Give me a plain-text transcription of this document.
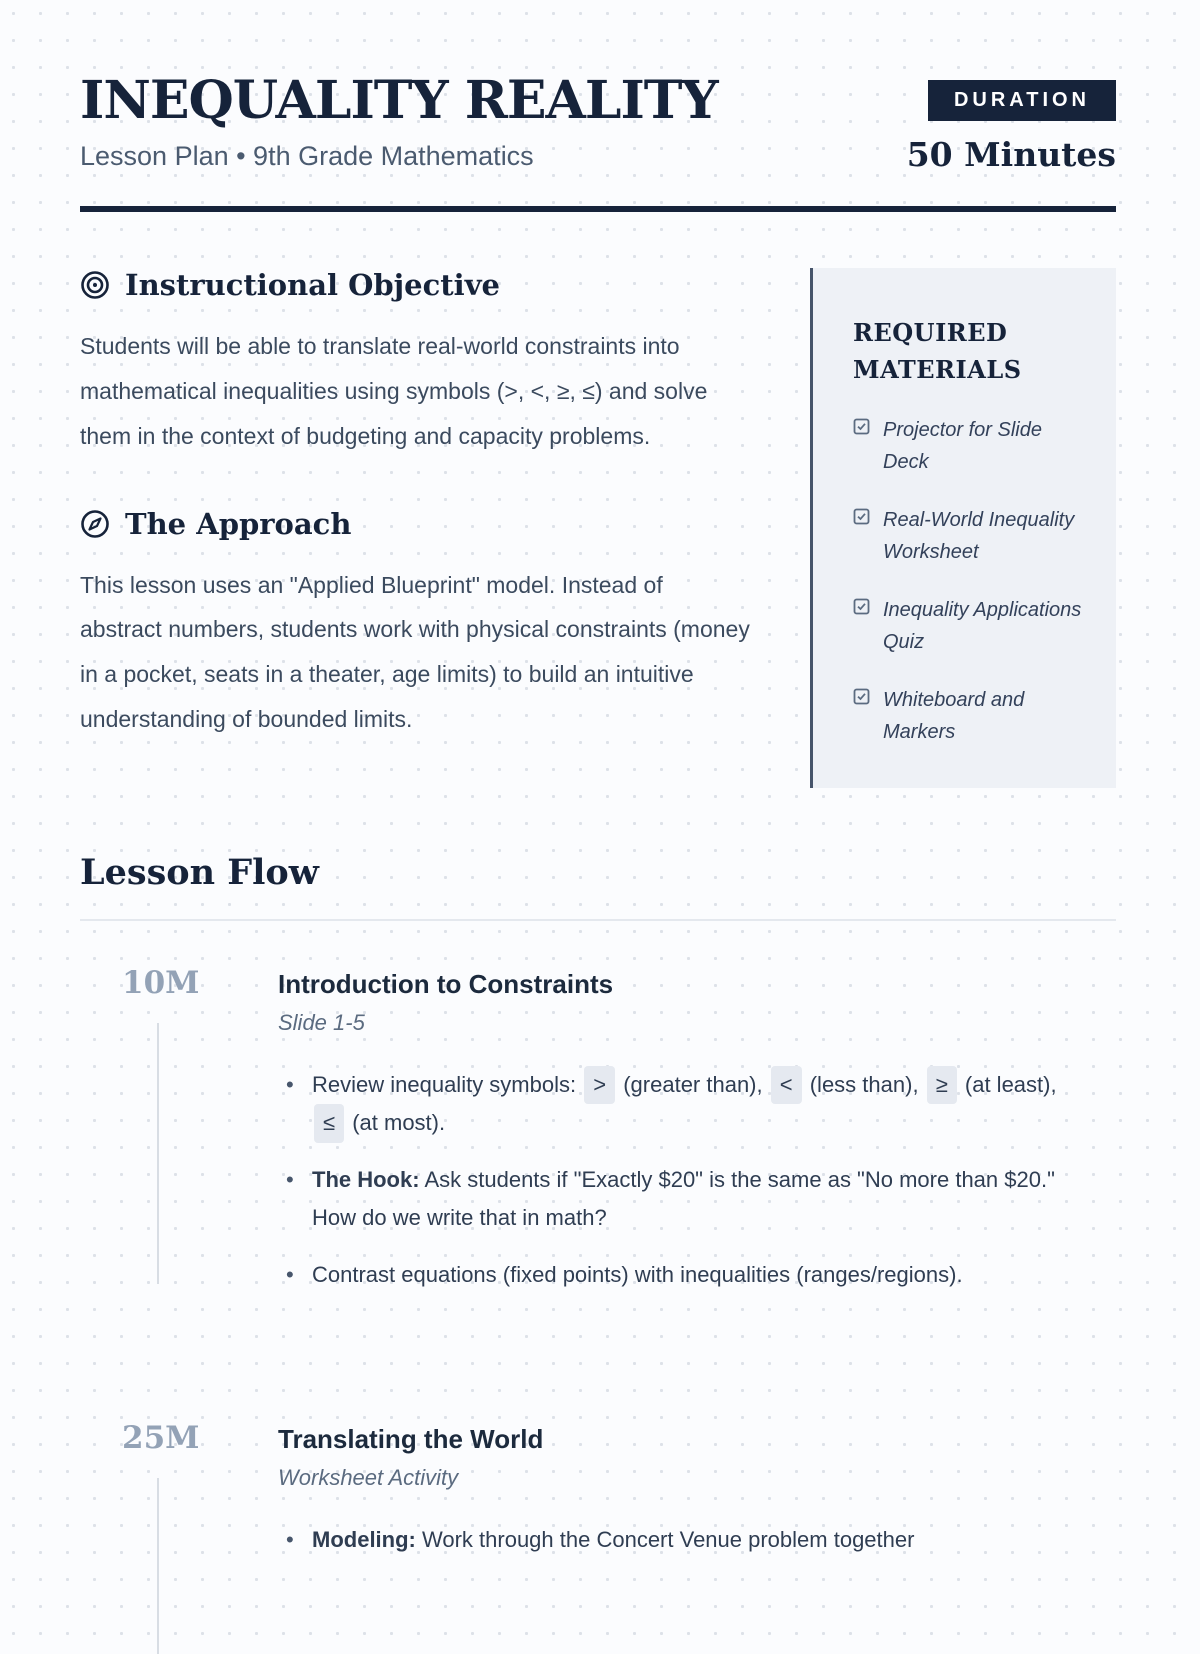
INEQUALITY REALITY
Lesson Plan • 9th Grade Mathematics
DURATION
50 Minutes
Instructional Objective

Students will be able to translate real-world constraints into mathematical inequalities using symbols (>, <, ≥, ≤) and solve them in the context of budgeting and capacity problems.

The Approach

This lesson uses an "Applied Blueprint" model. Instead of abstract numbers, students work with physical constraints (money in a pocket, seats in a theater, age limits) to build an intuitive understanding of bounded limits.

REQUIRED MATERIALS
Projector for Slide Deck
Real-World Inequality Worksheet
Inequality Applications Quiz
Whiteboard and Markers
Lesson Flow
10M	Introduction to Constraints
Slide 1-5
• Review inequality symbols: > (greater than), < (less than), ≥ (at least), ≤ (at most).
• The Hook: Ask students if "Exactly $20" is the same as "No more than $20." How do we write that in math?
• Contrast equations (fixed points) with inequalities (ranges/regions).
25M	Translating the World
Worksheet Activity
• Modeling: Work through the Concert Venue problem together
